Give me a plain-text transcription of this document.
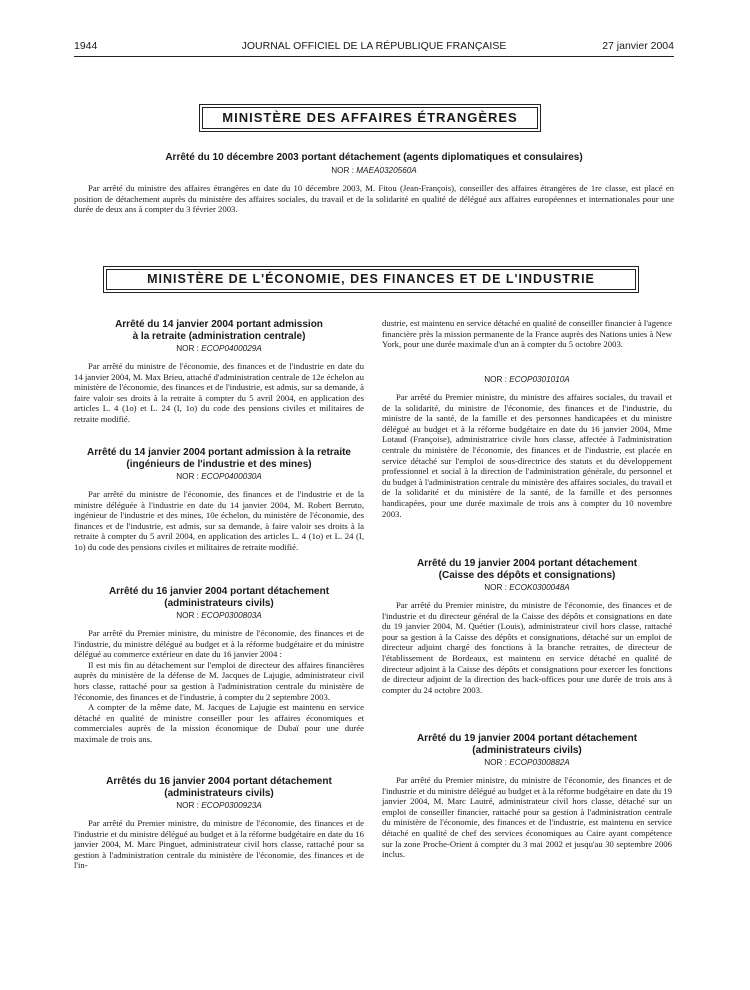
1944	JOURNAL OFFICIEL DE LA RÉPUBLIQUE FRANÇAISE	27 janvier 2004
MINISTÈRE DES AFFAIRES ÉTRANGÈRES
Arrêté du 10 décembre 2003 portant détachement (agents diplomatiques et consulaires)
NOR : MAEA0320560A

Par arrêté du ministre des affaires étrangères en date du 10 décembre 2003, M. Fitou (Jean-François), conseiller des affaires étrangères de 1re classe, est placé en position de détachement auprès du ministère des affaires sociales, du travail et de la solidarité en qualité de délégué aux affaires européennes et internationales pour une durée de deux ans à compter du 3 février 2003.

MINISTÈRE DE L'ÉCONOMIE, DES FINANCES ET DE L'INDUSTRIE
Arrêté du 14 janvier 2004 portant admission
à la retraite (administration centrale)
NOR : ECOP0400029A

Par arrêté du ministre de l'économie, des finances et de l'industrie en date du 14 janvier 2004, M. Max Brieu, attaché d'administration centrale de 12e échelon au ministère de l'économie, des finances et de l'industrie, est admis, sur sa demande, à faire valoir ses droits à la retraite à compter du 5 avril 2004, en application des articles L. 4 (1o) et L. 24 (I, 1o) du code des pensions civiles et militaires de retraite modifié.

Arrêté du 14 janvier 2004 portant admission à la retraite
(ingénieurs de l'industrie et des mines)
NOR : ECOP0400030A

Par arrêté du ministre de l'économie, des finances et de l'industrie et de la ministre déléguée à l'industrie en date du 14 janvier 2004, M. Robert Berruto, ingénieur de l'industrie et des mines, 10e échelon, du ministère de l'économie, des finances et de l'industrie, est admis, sur sa demande, à faire valoir ses droits à la retraite à compter du 5 avril 2004, en application des articles L. 4 (1o) et L. 24 (I, 1o) du code des pensions civiles et militaires de retraite modifié.

Arrêté du 16 janvier 2004 portant détachement
(administrateurs civils)
NOR : ECOP0300803A

Par arrêté du Premier ministre, du ministre de l'économie, des finances et de l'industrie, du ministre délégué au budget et à la réforme budgétaire et du ministre délégué au commerce extérieur en date du 16 janvier 2004 :

Il est mis fin au détachement sur l'emploi de directeur des affaires financières auprès du ministère de la défense de M. Jacques de Lajugie, administrateur civil hors classe, rattaché pour sa gestion à l'administration centrale du ministère de l'économie, des finances et de l'industrie, à compter du 2 septembre 2003.

A compter de la même date, M. Jacques de Lajugie est maintenu en service détaché en qualité de ministre conseiller pour les affaires économiques et commerciales auprès de la mission économique de Dubaï pour une durée maximale de trois ans.

Arrêtés du 16 janvier 2004 portant détachement
(administrateurs civils)
NOR : ECOP0300923A

Par arrêté du Premier ministre, du ministre de l'économie, des finances et de l'industrie et du ministre délégué au budget et à la réforme budgétaire en date du 16 janvier 2004, M. Marc Pinguet, administrateur civil hors classe, rattaché pour sa gestion à l'administration centrale du ministère de l'économie, des finances et de l'in-

dustrie, est maintenu en service détaché en qualité de conseiller financier à l'agence financière près la mission permanente de la France auprès des Nations unies à New York, pour une durée maximale d'un an à compter du 5 octobre 2003.

NOR : ECOP0301010A

Par arrêté du Premier ministre, du ministre des affaires sociales, du travail et de la solidarité, du ministre de l'économie, des finances et de l'industrie, du ministre de la santé, de la famille et des personnes handicapées et du ministre délégué au budget et à la réforme budgétaire en date du 16 janvier 2004, Mme Lotaud (Françoise), administratrice civile hors classe, affectée à l'administration centrale du ministère de l'économie, des finances et de l'industrie, est placée en service détaché sur l'emploi de sous-directrice des statuts et du développement professionnel et social à la direction de l'administration générale, du personnel et du budget à l'administration centrale du ministère des affaires sociales, du travail et de la solidarité et du ministère de la santé, de la famille et des personnes handicapées, pour une durée maximale de trois ans à compter du 10 novembre 2003.

Arrêté du 19 janvier 2004 portant détachement
(Caisse des dépôts et consignations)
NOR : ECOK0300048A

Par arrêté du Premier ministre, du ministre de l'économie, des finances et de l'industrie et du directeur général de la Caisse des dépôts et consignations en date du 19 janvier 2004, M. Quétier (Louis), administrateur civil hors classe, rattaché pour sa gestion à la Caisse des dépôts et consignations, détaché sur un emploi de directeur adjoint chargé des fonctions à la branche retraites, de directeur de l'établissement de Bordeaux, est maintenu en service détaché en qualité de directeur adjoint à la Caisse des dépôts et consignations pour exercer les fonctions de directeur adjoint de la direction des back-offices pour une durée de trois ans à compter du 24 octobre 2003.

Arrêté du 19 janvier 2004 portant détachement
(administrateurs civils)
NOR : ECOP0300882A

Par arrêté du Premier ministre, du ministre de l'économie, des finances et de l'industrie et du ministre délégué au budget et à la réforme budgétaire en date du 19 janvier 2004, M. Marc Lautré, administrateur civil hors classe, détaché sur un emploi de conseiller financier, rattaché pour sa gestion à l'administration centrale du ministère de l'économie, des finances et de l'industrie, est maintenu en service détaché en qualité de chef des services économiques au Caire ayant compétence sur la zone Proche-Orient à compter du 3 mai 2002 et jusqu'au 30 septembre 2006 inclus.
